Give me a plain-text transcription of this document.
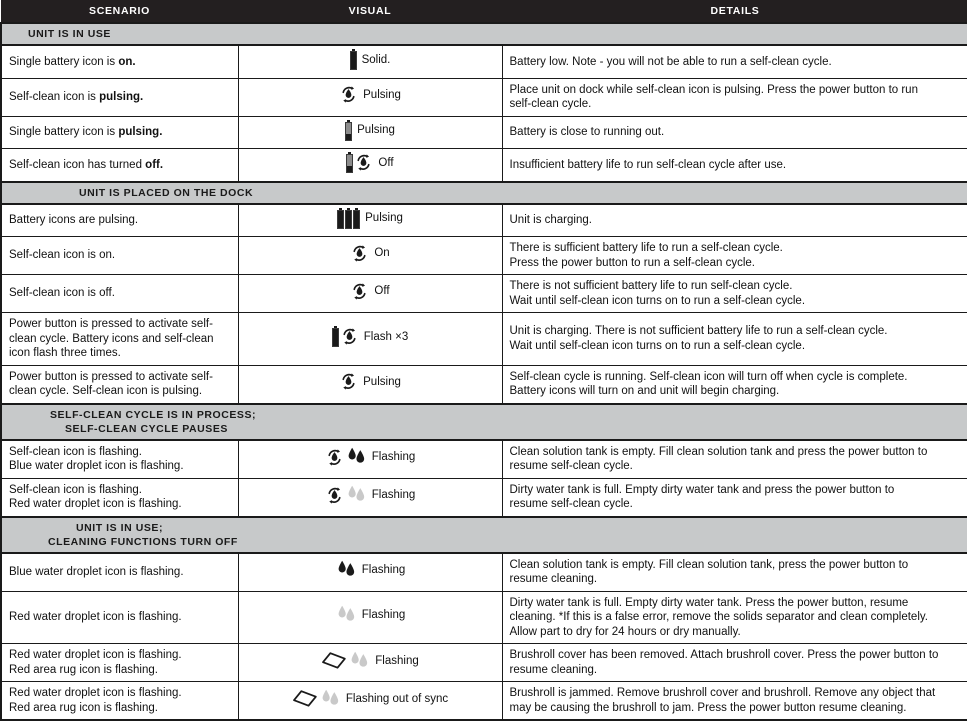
SCENARIO	VISUAL	DETAILS

UNIT IS IN USE		

Single battery icon is on.	Solid.	Battery low. Note - you will not be able to run a self-clean cycle.

Self-clean icon is pulsing.	Pulsing	Place unit on dock while self-clean icon is pulsing. Press the power button to run
self-clean cycle.

Single battery icon is pulsing.	Pulsing	Battery is close to running out.

Self-clean icon has turned off.	Off	Insufficient battery life to run self-clean cycle after use.

UNIT IS PLACED ON THE DOCK		

Battery icons are pulsing.	Pulsing	Unit is charging.

Self-clean icon is on.	On	There is sufficient battery life to run a self-clean cycle.
Press the power button to run a self-clean cycle.

Self-clean icon is off.	Off	There is not sufficient battery life to run self-clean cycle.
Wait until self-clean icon turns on to run a self-clean cycle.

Power button is pressed to activate self-
clean cycle. Battery icons and self-clean
icon flash three times.	Flash ×3	Unit is charging. There is not sufficient battery life to run a self-clean cycle.
Wait until self-clean icon turns on to run a self-clean cycle.

Power button is pressed to activate self-
clean cycle. Self-clean icon is pulsing.	Pulsing	Self-clean cycle is running. Self-clean icon will turn off when cycle is complete.
Battery icons will turn on and unit will begin charging.

SELF-CLEAN CYCLE IS IN PROCESS;
SELF-CLEAN CYCLE PAUSES		

Self-clean icon is flashing.
Blue water droplet icon is flashing.	Flashing	Clean solution tank is empty. Fill clean solution tank and press the power button to
resume self-clean cycle.

Self-clean icon is flashing.
Red water droplet icon is flashing.	Flashing	Dirty water tank is full. Empty dirty water tank and press the power button to
resume self-clean cycle.

UNIT IS IN USE;
CLEANING FUNCTIONS TURN OFF		

Blue water droplet icon is flashing.	Flashing	Clean solution tank is empty. Fill clean solution tank, press the power button to
resume cleaning.

Red water droplet icon is flashing.	Flashing	Dirty water tank is full. Empty dirty water tank. Press the power button, resume
cleaning. *If this is a false error, remove the solids separator and clean completely.
Allow part to dry for 24 hours or dry manually.

Red water droplet icon is flashing.
Red area rug icon is flashing.	Flashing	Brushroll cover has been removed. Attach brushroll cover. Press the power button to
resume cleaning.

Red water droplet icon is flashing.
Red area rug icon is flashing.	Flashing out of sync	Brushroll is jammed. Remove brushroll cover and brushroll. Remove any object that
may be causing the brushroll to jam. Press the power button resume cleaning.
